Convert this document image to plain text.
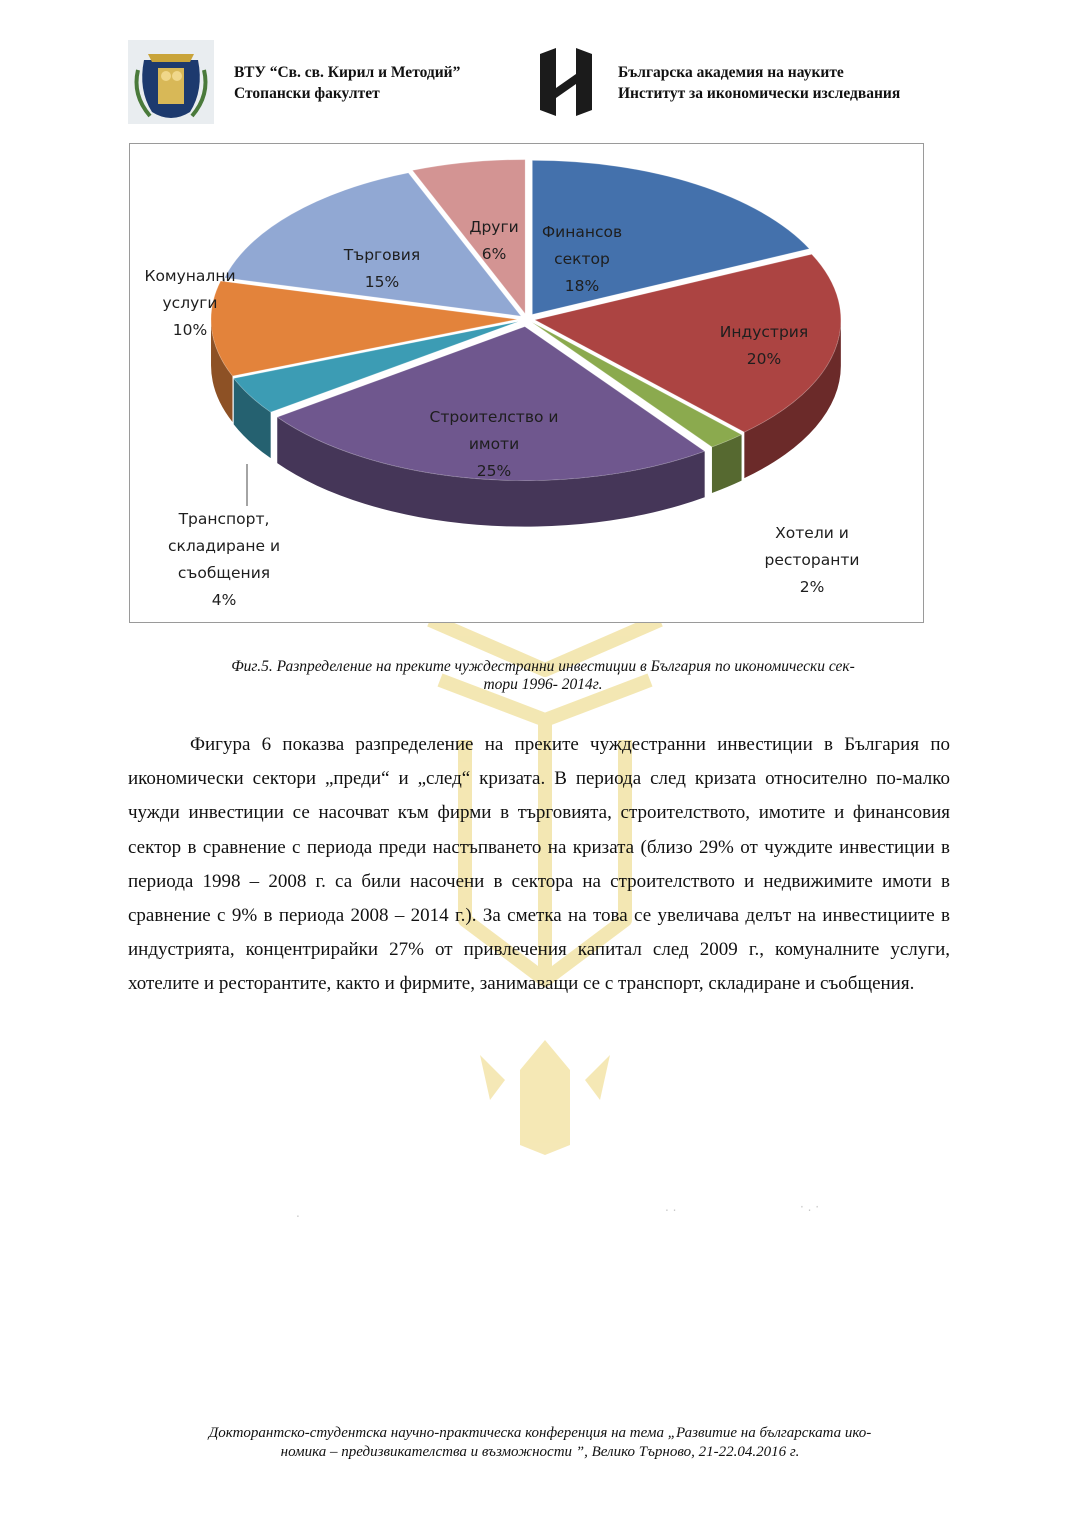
ВТУ “Св. св. Кирил и Методий”
Стопански факултет
Българска академия на науките
Институт за икономически изследвания
Финансов сектор 18%
Индустрия 20%
Хотели и ресторанти 2%
Строителство и имоти 25%
Транспорт, складиране и съобщения 4%
Комунални услуги 10%
Търговия 15%
Други 6%
Фиг.5. Разпределение на преките чуждестранни инвестиции в България по икономически сек-
тори 1996- 2014г.

Фигура 6 показва разпределение на преките чуждестранни инвестиции в България по икономически сектори „преди“ и „след“ кризата. В периода след кризата относително по-малко чужди инвестиции се насочват към фирми в търговията, строителството, имотите и финансовия сектор в сравнение с периода преди настъпването на кризата (близо 29% от чуждите инвестиции в периода 1998 – 2008 г. са били насочени в сектора на строителството и недвижимите имоти в сравнение с 9% в периода 2008 – 2014 г.). За сметка на това се увеличава делът на инвестициите в индустрията, концентрирайки 27% от привлечения капитал след 2009 г., комуналните услуги, хотелите и ресторантите, както и фирмите, занимаващи се с транспорт, складиране и съобщения.

.	. .	· . ·
Докторантско-студентска научно-практическа конференция на тема „Развитие на българската ико-
номика – предизвикателства и възможности ”, Велико Търново, 21-22.04.2016 г.
